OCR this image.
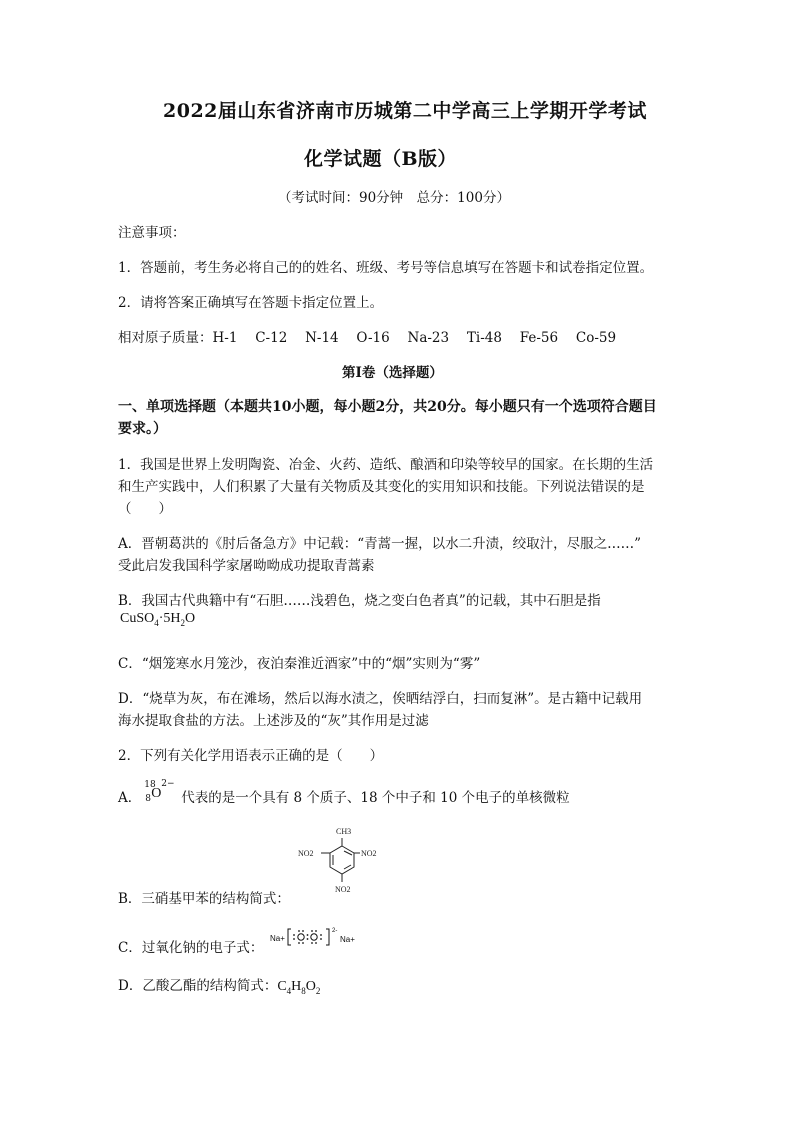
2022届山东省济南市历城第二中学高三上学期开学考试
化学试题（B版）
（考试时间：90分钟　总分：100分）
注意事项：
1．答题前，考生务必将自己的的姓名、班级、考号等信息填写在答题卡和试卷指定位置。
2．请将答案正确填写在答题卡指定位置上。
相对原子质量：H-1　 C-12　 N-14　 O-16　 Na-23　 Ti-48　 Fe-56　 Co-59
第Ⅰ卷（选择题）
一、单项选择题（本题共10小题，每小题2分，共20分。每小题只有一个选项符合题目
要求。）
1．我国是世界上发明陶瓷、冶金、火药、造纸、酿酒和印染等较早的国家。在长期的生活
和生产实践中，人们积累了大量有关物质及其变化的实用知识和技能。下列说法错误的是
（　　）
A．晋朝葛洪的《肘后备急方》中记载：“青蒿一握，以水二升渍，绞取汁，尽服之……”
受此启发我国科学家屠呦呦成功提取青蒿素
B．我国古代典籍中有“石胆……浅碧色，烧之变白色者真”的记载，其中石胆是指
$CuSO_4\cdot 5H_2O$
C．“烟笼寒水月笼沙，夜泊秦淮近酒家”中的“烟”实则为“雾”
D．“烧草为灰，布在滩场，然后以海水渍之，俟晒结浮白，扫而复淋”。是古籍中记载用
海水提取食盐的方法。上述涉及的“灰”其作用是过滤
2．下列有关化学用语表示正确的是（　　）
A．
18
8 O
2−
代表的是一个具有 8 个质子、18 个中子和 10 个电子的单核微粒
CH3
NO2	NO2
NO2
B．三硝基甲苯的结构简式：
C．过氧化钠的电子式：
Na+	Na+
2-
D．乙酸乙酯的结构简式：$C_4H_8O_2$
